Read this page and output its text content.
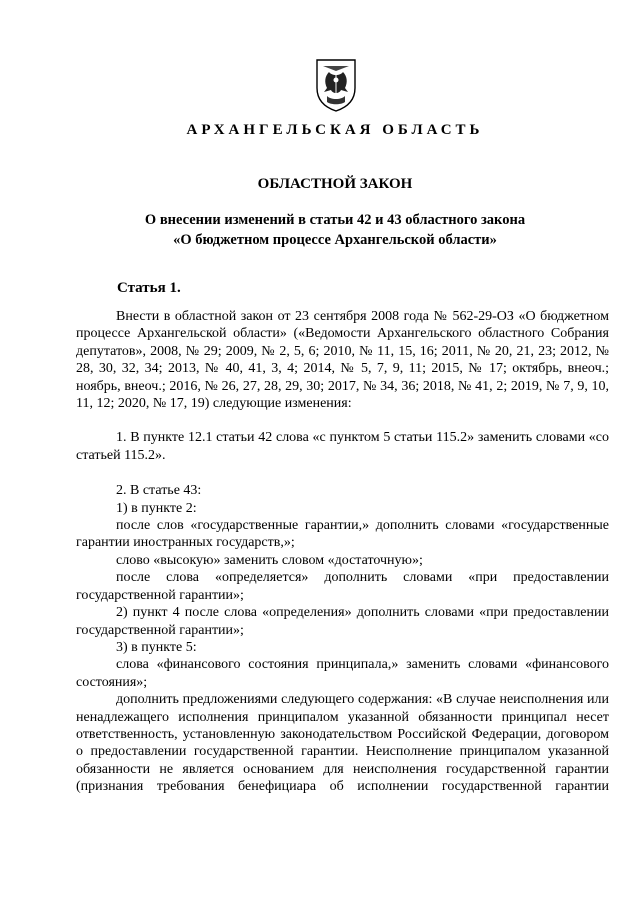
АРХАНГЕЛЬСКАЯ ОБЛАСТЬ
ОБЛАСТНОЙ ЗАКОН
О внесении изменений в статьи 42 и 43 областного закона
«О бюджетном процессе Архангельской области»
Статья 1.

Внести в областной закон от 23 сентября 2008 года № 562-29-ОЗ «О бюджетном процессе Архангельской области» («Ведомости Архангельского областного Собрания депутатов», 2008, № 29; 2009, № 2, 5, 6; 2010, № 11, 15, 16; 2011, № 20, 21, 23; 2012, № 28, 30, 32, 34; 2013, № 40, 41, 3, 4; 2014, № 5, 7, 9, 11; 2015, № 17; октябрь, внеоч.; ноябрь, внеоч.; 2016, № 26, 27, 28, 29, 30; 2017, № 34, 36; 2018, № 41, 2; 2019, № 7, 9, 10, 11, 12; 2020, № 17, 19) следующие изменения:

1. В пункте 12.1 статьи 42 слова «с пунктом 5 статьи 115.2» заменить словами «со статьей 115.2».

2. В статье 43:

1) в пункте 2:

после слов «государственные гарантии,» дополнить словами «государственные гарантии иностранных государств,»;

слово «высокую» заменить словом «достаточную»;

после слова «определяется» дополнить словами «при предоставлении государственной гарантии»;

2) пункт 4 после слова «определения» дополнить словами «при предоставлении государственной гарантии»;

3) в пункте 5:

слова «финансового состояния принципала,» заменить словами «финансового состояния»;

дополнить предложениями следующего содержания: «В случае неисполнения или ненадлежащего исполнения принципалом указанной обязанности принципал несет ответственность, установленную законодательством Российской Федерации, договором о предоставлении государственной гарантии. Неисполнение принципалом указанной обязанности не является основанием для неисполнения государственной гарантии (признания требования бенефициара об исполнении государственной гарантии
